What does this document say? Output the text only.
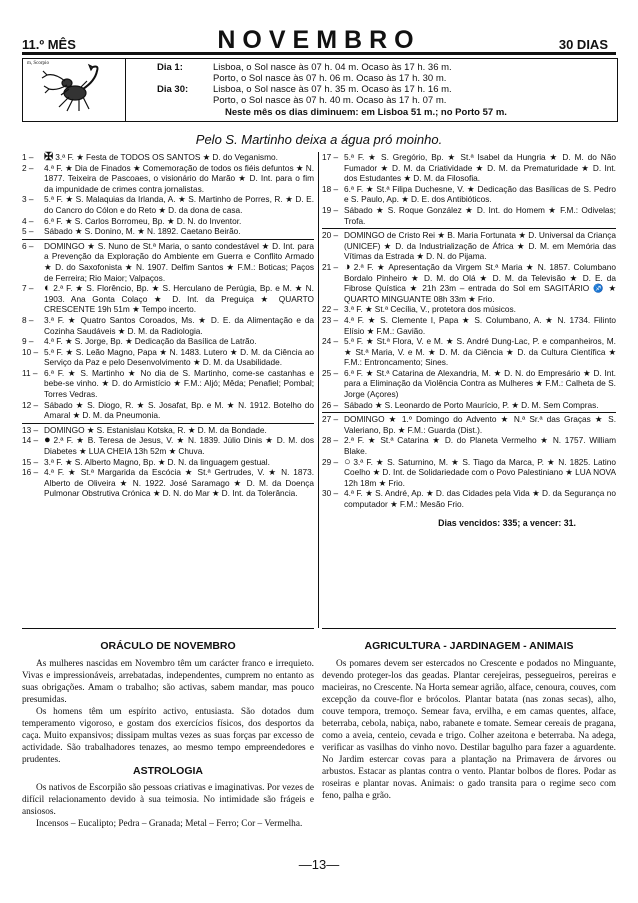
11.º MÊS	NOVEMBRO	30 DIAS
m, Scorpio	Dia 1:	Lisboa, o Sol nasce às 07 h. 04 m. Ocaso às 17 h. 36 m.
Porto, o Sol nasce às 07 h. 06 m. Ocaso às 17 h. 30 m.
Dia 30:	Lisboa, o Sol nasce às 07 h. 35 m. Ocaso às 17 h. 16 m.
Porto, o Sol nasce às 07 h. 40 m. Ocaso às 17 h. 07 m.
Neste mês os dias diminuem: em Lisboa 51 m.; no Porto 57 m.
Pelo S. Martinho deixa a água pró moinho.
1 – ✠ 3.ª F. ★ Festa de TODOS OS SANTOS ★ D. do Veganismo.
2 –	4.ª F. ★ Dia de Finados ★ Comemoração de todos os fiéis defuntos ★ N. 1877. Teixeira de Pascoaes, o visionário do Marão ★ D. Int. para o fim da impunidade de crimes contra jornalistas.
3 –	5.ª F. ★ S. Malaquias da Irlanda, A. ★ S. Martinho de Porres, R. ★ D. E. do Cancro do Cólon e do Reto ★ D. da dona de casa.
4 –	6.ª F. ★ S. Carlos Borromeu, Bp. ★ D. N. do Inventor.
5 –	Sábado ★ S. Donino, M. ★ N. 1892. Caetano Beirão.
6 –	DOMINGO ★ S. Nuno de St.ª Maria, o santo condestável ★ D. Int. para a Prevenção da Exploração do Ambiente em Guerra e Conflito Armado ★ D. do Saxofonista ★ N. 1907. Delfim Santos ★ F.M.: Boticas; Paços de Ferreira; Rio Maior; Valpaços.
7 – ◐ 2.ª F. ★ S. Florêncio, Bp. ★ S. Herculano de Perúgia, Bp. e M. ★ N. 1903. Ana Gonta Colaço ★ D. Int. da Preguiça ★ QUARTO CRESCENTE 19h 51m ★ Tempo incerto.
8 –	3.ª F. ★ Quatro Santos Coroados, Ms. ★ D. E. da Alimentação e da Cozinha Saudáveis ★ D. M. da Radiologia.
9 –	4.ª F. ★ S. Jorge, Bp. ★ Dedicação da Basílica de Latrão.
10 – 5.ª F. ★ S. Leão Magno, Papa ★ N. 1483. Lutero ★ D. M. da Ciência ao Serviço da Paz e pelo Desenvolvimento ★ D. M. da Usabilidade.
11 – 6.ª F. ★ S. Martinho ★ No dia de S. Martinho, come-se castanhas e bebe-se vinho. ★ D. do Armistício ★ F.M.: Aljó; Mêda; Penafiel; Pombal; Torres Vedras.
12 – Sábado ★ S. Diogo, R. ★ S. Josafat, Bp. e M. ★ N. 1912. Botelho do Amaral ★ D. M. da Pneumonia.
13 – DOMINGO ★ S. Estanislau Kotska, R. ★ D. M. da Bondade.
14 – ● 2.ª F. ★ B. Teresa de Jesus, V. ★ N. 1839. Júlio Dinis ★ D. M. dos Diabetes ★ LUA CHEIA 13h 52m ★ Chuva.
15 – 3.ª F. ★ S. Alberto Magno, Bp. ★ D. N. da linguagem gestual.
16 – 4.ª F. ★ St.ª Margarida da Escócia ★ St.ª Gertrudes, V. ★ N. 1873. Alberto de Oliveira ★ N. 1922. José Saramago ★ D. M. da Doença Pulmonar Obstrutiva Crónica ★ D. N. do Mar ★ D. Int. da Tolerância.
17 – 5.ª F. ★ S. Gregório, Bp. ★ St.ª Isabel da Hungria ★ D. M. do Não Fumador ★ D. M. da Criatividade ★ D. M. da Prematuridade ★ D. Int. dos Estudantes ★ D. M. da Filosofia.
18 – 6.ª F. ★ St.ª Filipa Duchesne, V. ★ Dedicação das Basílicas de S. Pedro e S. Paulo, Ap. ★ D. E. dos Antibióticos.
19 – Sábado ★ S. Roque González ★ D. Int. do Homem ★ F.M.: Odivelas; Trofa.
20 – DOMINGO de Cristo Rei ★ B. Maria Fortunata ★ D. Universal da Criança (UNICEF) ★ D. da Industrialização de África ★ D. M. em Memória das Vítimas da Estrada ★ D. N. do Pijama.
21 – ◑ 2.ª F. ★ Apresentação da Virgem St.ª Maria ★ N. 1857. Columbano Bordalo Pinheiro ★ D. M. do Olá ★ D. M. da Televisão ★ D. E. da Fibrose Quística ★ 21h 23m – entrada do Sol em SAGITÁRIO ♐ ★ QUARTO MINGUANTE 08h 33m ★ Frio.
22 – 3.ª F. ★ St.ª Cecília, V., protetora dos músicos.
23 – 4.ª F. ★ S. Clemente I, Papa ★ S. Columbano, A. ★ N. 1734. Filinto Elísio ★ F.M.: Gavião.
24 – 5.ª F. ★ St.ª Flora, V. e M. ★ S. André Dung-Lac, P. e companheiros, M. ★ St.ª Maria, V. e M. ★ D. M. da Ciência ★ D. da Cultura Científica ★ F.M.: Entroncamento; Sines.
25 – 6.ª F. ★ St.ª Catarina de Alexandria, M. ★ D. N. do Empresário ★ D. Int. para a Eliminação da Violência Contra as Mulheres ★ F.M.: Calheta de S. Jorge (Açores)
26 – Sábado ★ S. Leonardo de Porto Maurício, P. ★ D. M. Sem Compras.
27 – DOMINGO ★ 1.º Domingo do Advento ★ N.ª Sr.ª das Graças ★ S. Valeriano, Bp. ★ F.M.: Guarda (Dist.).
28 – 2.ª F. ★ St.ª Catarina ★ D. do Planeta Vermelho ★ N. 1757. William Blake.
29 – ○ 3.ª F. ★ S. Saturnino, M. ★ S. Tiago da Marca, P. ★ N. 1825. Latino Coelho ★ D. Int. de Solidariedade com o Povo Palestiniano ★ LUA NOVA 12h 18m ★ Frio.
30 – 4.ª F. ★ S. André, Ap. ★ D. das Cidades pela Vida ★ D. da Segurança no computador ★ F.M.: Mesão Frio.
Dias vencidos: 335; a vencer: 31.
ORÁCULO DE NOVEMBRO

As mulheres nascidas em Novembro têm um carácter franco e irrequieto. Vivas e impressionáveis, arrebatadas, independentes, cumprem no entanto as suas obrigações. Amam o trabalho; são activas, sabem mandar, mas pouco presumidas.

Os homens têm um espírito activo, entusiasta. São dotados dum temperamento vigoroso, e gostam dos exercícios físicos, dos desportos da caça. Muito expansivos; dissipam multas vezes as suas forças par excesso de actividade. São trabalhadores tenazes, ao mesmo tempo empreendedores e prudentes.

ASTROLOGIA

Os nativos de Escorpião são pessoas criativas e imaginativas. Por vezes de difícil relacionamento devido à sua teimosia. No intimidade são frágeis e ansiosos.

Incensos – Eucalipto; Pedra – Granada; Metal – Ferro; Cor – Vermelha.

AGRICULTURA - JARDINAGEM - ANIMAIS

Os pomares devem ser estercados no Crescente e podados no Minguante, devendo proteger-los das geadas. Plantar cerejeiras, pessegueiros, pereiras e macieiras, no Crescente. Na Horta semear agrião, alface, cenoura, couves, com excepção da couve-flor e brócolos. Plantar batata (nas zonas secas), alho, couve tempora, tremoço. Semear fava, ervilha, e em camas quentes, alface, beterraba, cebola, nabiça, nabo, rabanete e tomate. Semear cereais de pragana, como a aveia, centeio, cevada e trigo. Colher azeitona e beterraba. Na adega, verificar as vasilhas do vinho novo. Destilar bagulho para fazer a aguardente. No Jardim estercar covas para a plantação na Primavera de árvores ou arbustos. Estacar as plantas contra o vento. Plantar bolbos de flores. Podar as roseiras e plantar novas. Animais: o gado transita para o regime seco com feno, palha e grão.

—13—
